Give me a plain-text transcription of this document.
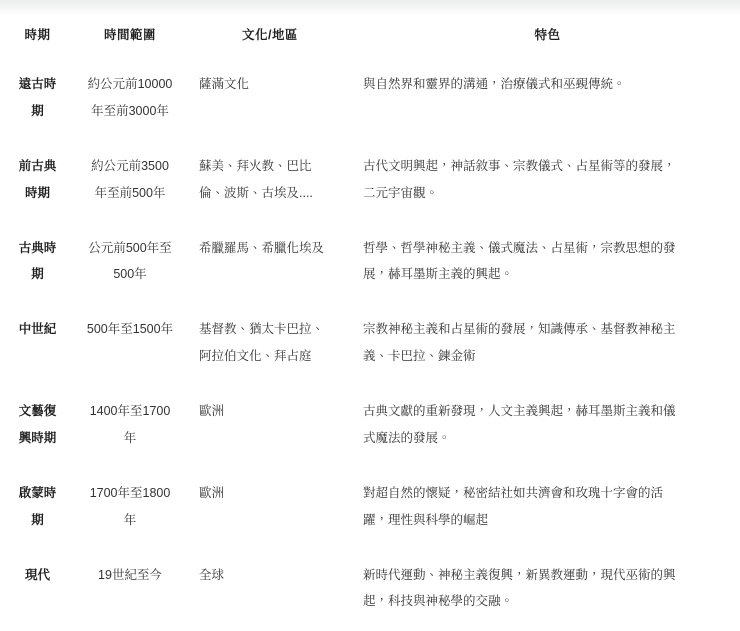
時期	時間範圍	文化/地區	特色
遠古時期	約公元前10000年至前3000年	薩滿文化	與自然界和靈界的溝通，治療儀式和巫覡傳統。
前古典時期	約公元前3500年至前500年	蘇美、拜火教、巴比倫、波斯、古埃及....	古代文明興起，神話敘事、宗教儀式、占星術等的發展，二元宇宙觀。
古典時期	公元前500年至500年	希臘羅馬、希臘化埃及	哲學、哲學神秘主義、儀式魔法、占星術，宗教思想的發展，赫耳墨斯主義的興起。
中世紀	500年至1500年	基督教、猶太卡巴拉、阿拉伯文化、拜占庭	宗教神秘主義和占星術的發展，知識傳承、基督教神秘主義、卡巴拉、鍊金術
文藝復興時期	1400年至1700年	歐洲	古典文獻的重新發現，人文主義興起，赫耳墨斯主義和儀式魔法的發展。
啟蒙時期	1700年至1800年	歐洲	對超自然的懷疑，秘密結社如共濟會和玫瑰十字會的活躍，理性與科學的崛起
現代	19世紀至今	全球	新時代運動、神秘主義復興，新異教運動，現代巫術的興起，科技與神秘學的交融。
